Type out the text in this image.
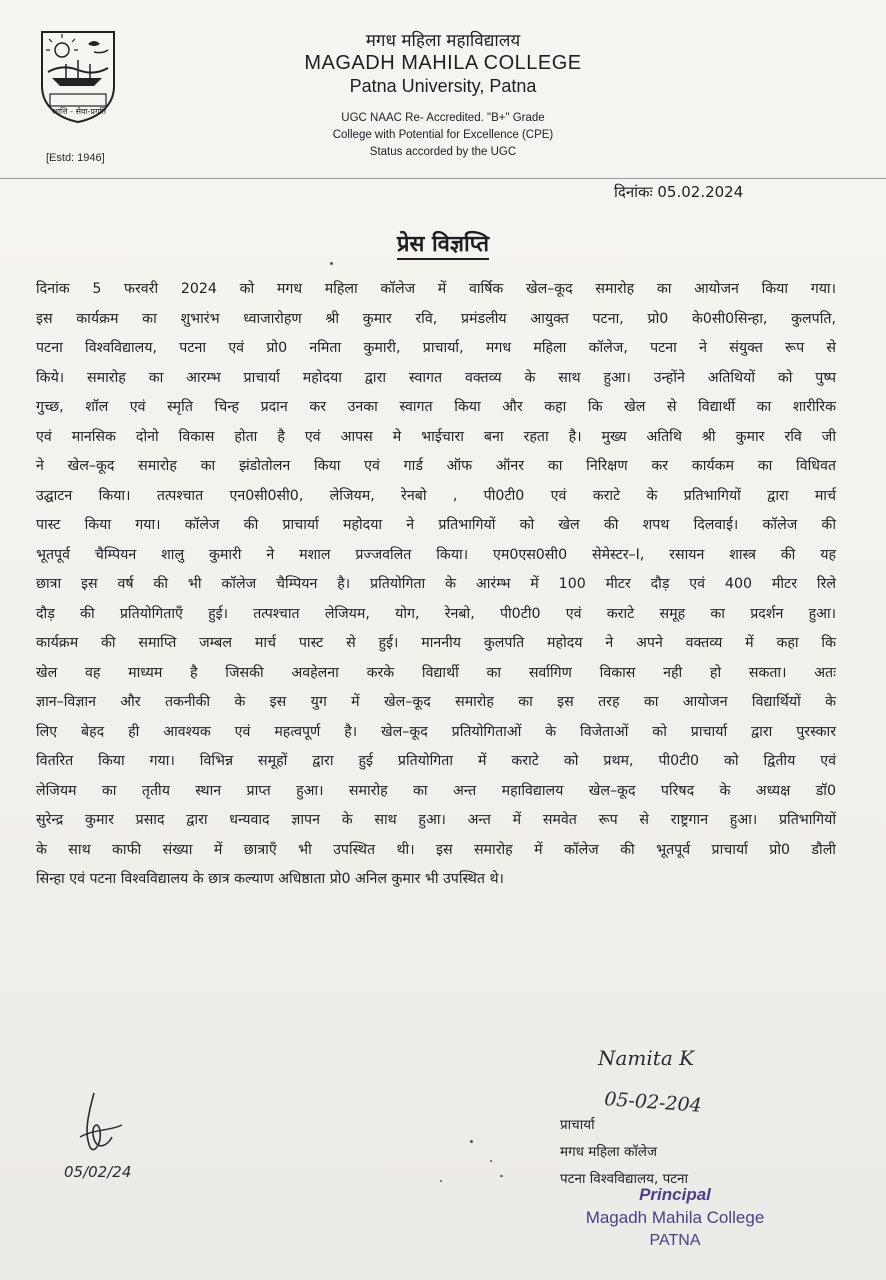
आत्ति - सेवा-प्रगति
[Estd: 1946]
मगध महिला महाविद्यालय
MAGADH MAHILA COLLEGE
Patna University, Patna
UGC NAAC Re- Accredited. "B+" Grade
College with Potential for Excellence (CPE)
Status accorded by the UGC
दिनांकः 05.02.2024
प्रेस विज्ञप्ति
दिनांक 5 फरवरी 2024 को मगध महिला कॉलेज में वार्षिक खेल–कूद समारोह का आयोजन किया गया।
इस कार्यक्रम का शुभारंभ ध्वाजारोहण श्री कुमार रवि, प्रमंडलीय आयुक्त पटना, प्रो0 के0सी0सिन्हा, कुलपति,
पटना विश्वविद्यालय, पटना एवं प्रो0 नमिता कुमारी, प्राचार्या, मगध महिला कॉलेज, पटना ने संयुक्त रूप से
किये। समारोह का आरम्भ प्राचार्या महोदया द्वारा स्वागत वक्तव्य के साथ हुआ। उन्होंने अतिथियों को पुष्प
गुच्छ, शॉल एवं स्मृति चिन्ह प्रदान कर उनका स्वागत किया और कहा कि खेल से विद्यार्थी का शारीरिक
एवं मानसिक दोनो विकास होता है एवं आपस मे भाईचारा बना रहता है। मुख्य अतिथि श्री कुमार रवि जी
ने खेल–कूद समारोह का झंडोतोलन किया एवं गार्ड ऑफ ऑनर का निरिक्षण कर कार्यकम का विधिवत
उद्घाटन किया। तत्पश्चात एन0सी0सी0, लेजियम, रेनबो , पी0टी0 एवं कराटे के प्रतिभागियों द्वारा मार्च
पास्ट किया गया। कॉलेज की प्राचार्या महोदया ने प्रतिभागियों को खेल की शपथ दिलवाई। कॉलेज की
भूतपूर्व चैम्पियन शालु कुमारी ने मशाल प्रज्जवलित किया। एम0एस0सी0 सेमेस्टर–I, रसायन शास्त्र की यह
छात्रा इस वर्ष की भी कॉलेज चैम्पियन है। प्रतियोगिता के आरंम्भ में 100 मीटर दौड़ एवं 400 मीटर रिले
दौड़ की प्रतियोगिताएँ हुई। तत्पश्चात लेजियम, योग, रेनबो, पी0टी0 एवं कराटे समूह का प्रदर्शन हुआ।
कार्यक्रम की समाप्ति जम्बल मार्च पास्ट से हुई। माननीय कुलपति महोदय ने अपने वक्तव्य में कहा कि
खेल वह माध्यम है जिसकी अवहेलना करके विद्यार्थी का सर्वागिण विकास नही हो सकता। अतः
ज्ञान–विज्ञान और तकनीकी के इस युग में खेल–कूद समारोह का इस तरह का आयोजन विद्यार्थियों के
लिए बेहद ही आवश्यक एवं महत्वपूर्ण है। खेल–कूद प्रतियोगिताओं के विजेताओं को प्राचार्या द्वारा पुरस्कार
वितरित किया गया। विभिन्न समूहों द्वारा हुई प्रतियोगिता में कराटे को प्रथम, पी0टी0 को द्वितीय एवं
लेजियम का तृतीय स्थान प्राप्त हुआ। समारोह का अन्त महाविद्यालय खेल–कूद परिषद के अध्यक्ष डॉ0
सुरेन्द्र कुमार प्रसाद द्वारा धन्यवाद ज्ञापन के साथ हुआ। अन्त में समवेत रूप से राष्ट्रगान हुआ। प्रतिभागियों
के साथ काफी संख्या में छात्राएँ भी उपस्थित थी। इस समारोह में कॉलेज की भूतपूर्व प्राचार्या प्रो0 डौली
सिन्हा एवं पटना विश्वविद्यालय के छात्र कल्याण अधिष्ठाता प्रो0 अनिल कुमार भी उपस्थित थे।
05/02/24
Namita K
05-02-204
प्राचार्या
मगध महिला कॉलेज
पटना विश्वविद्यालय, पटना
Principal
Magadh Mahila College
PATNA
